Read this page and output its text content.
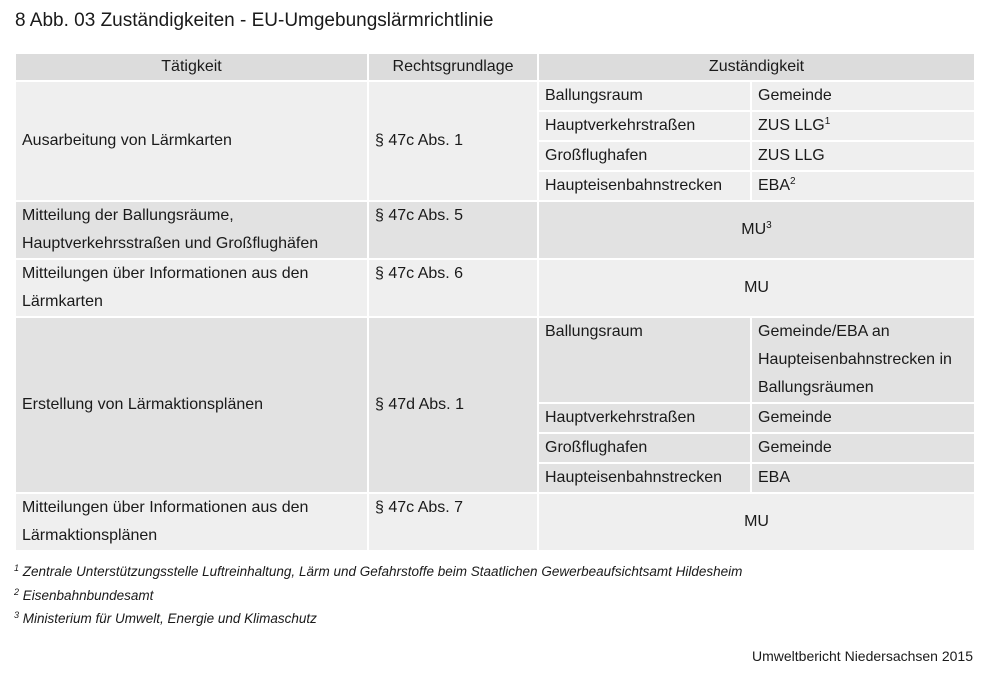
8 Abb. 03 Zuständigkeiten - EU-Umgebungslärmrichtlinie
Tätigkeit	Rechtsgrundlage	Zuständigkeit	
Ausarbeitung von Lärmkarten	§ 47c Abs. 1	Ballungsraum	Gemeinde
		Hauptverkehrstraßen	ZUS LLG$^1$
		Großflughafen	ZUS LLG
		Haupteisenbahnstrecken	EBA$^2$
Mitteilung der Ballungsräume,
Hauptverkehrsstraßen und Großflughäfen	§ 47c Abs. 5	$MU^3$
Mitteilungen über Informationen aus den
Lärmkarten	§ 47c Abs. 6	MU	
Erstellung von Lärmaktionsplänen	§ 47d Abs. 1	Ballungsraum	Gemeinde/EBA an
Haupteisenbahnstrecken in
Ballungsräumen
		Hauptverkehrstraßen	Gemeinde
		Großflughafen	Gemeinde
		Haupteisenbahnstrecken	EBA
Mitteilungen über Informationen aus den
Lärmaktionsplänen	§ 47c Abs. 7	MU	
$^1$ Zentrale Unterstützungsstelle Luftreinhaltung, Lärm und Gefahrstoffe beim Staatlichen Gewerbeaufsichtsamt Hildesheim
$^2$ Eisenbahnbundesamt
$^3$ Ministerium für Umwelt, Energie und Klimaschutz
Umweltbericht Niedersachsen 2015
